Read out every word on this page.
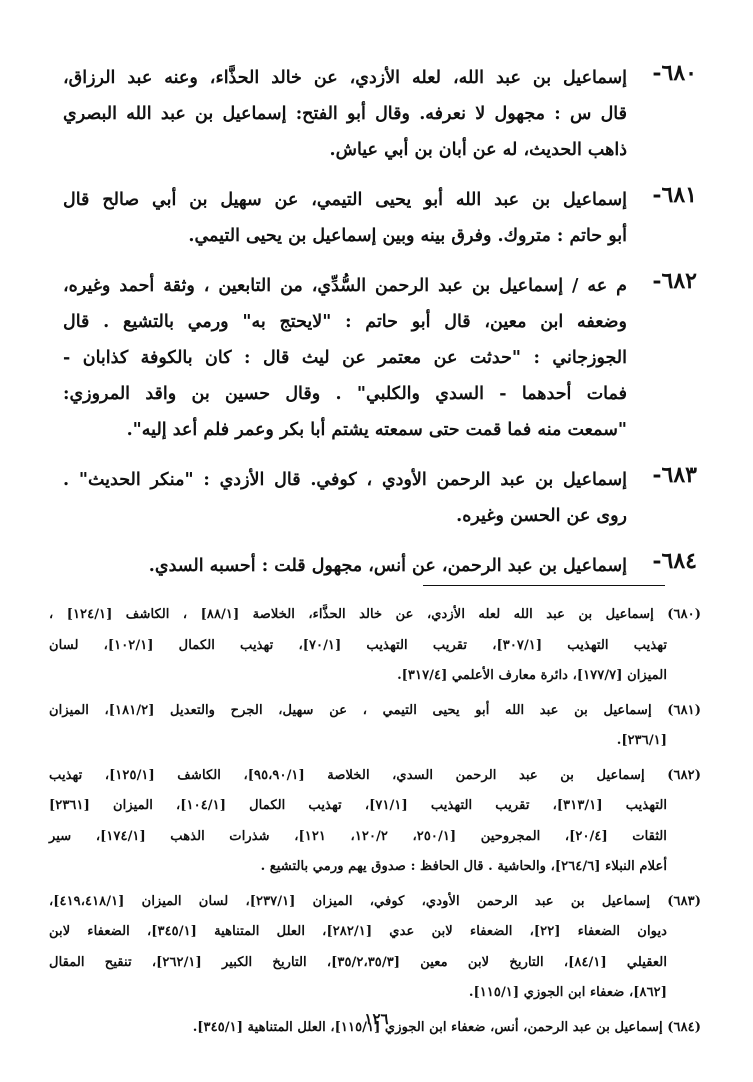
٦٨٠-
إسماعيل بن عبد الله، لعله الأزدي، عن خالد الحذَّاء، وعنه عبد الرزاق،
قال س : مجهول لا نعرفه. وقال أبو الفتح: إسماعيل بن عبد الله البصري
ذاهب الحديث، له عن أبان بن أبي عياش.
٦٨١-
إسماعيل بن عبد الله أبو يحيى التيمي، عن سهيل بن أبي صالح قال
أبو حاتم : متروك. وفرق بينه وبين إسماعيل بن يحيى التيمي.
٦٨٢-
م عه / إسماعيل بن عبد الرحمن السُّدِّي، من التابعين ، وثقة أحمد وغيره،
وضعفه ابن معين، قال أبو حاتم : "لايحتج به" ورمي بالتشيع . قال
الجوزجاني : "حدثت عن معتمر عن ليث قال : كان بالكوفة كذابان -
فمات أحدهما - السدي والكلبي" . وقال حسين بن واقد المروزي:
"سمعت منه فما قمت حتى سمعته يشتم أبا بكر وعمر فلم أعد إليه".
٦٨٣-
إسماعيل بن عبد الرحمن الأودي ، كوفي. قال الأزدي : "منكر الحديث" .
روى عن الحسن وغيره.
٦٨٤-
إسماعيل بن عبد الرحمن، عن أنس، مجهول قلت : أحسبه السدي.
(٦٨٠) إسماعيل بن عبد الله لعله الأزدي، عن خالد الحذَّاء، الخلاصة [٨٨/١] ، الكاشف [١٢٤/١] ،
تهذيب التهذيب [٣٠٧/١]، تقريب التهذيب [٧٠/١]، تهذيب الكمال [١٠٢/١]، لسان
الميزان [١٧٧/٧]، دائرة معارف الأعلمي [٣١٧/٤].
(٦٨١) إسماعيل بن عبد الله أبو يحيى التيمي ، عن سهيل، الجرح والتعديل [١٨١/٢]، الميزان
[٢٣٦/١].
(٦٨٢) إسماعيل بن عبد الرحمن السدي، الخلاصة [٩٥،٩٠/١]، الكاشف [١٢٥/١]، تهذيب
التهذيب [٣١٣/١]، تقريب التهذيب [٧١/١]، تهذيب الكمال [١٠٤/١]، الميزان [٢٣٦١]
الثقات [٢٠/٤]، المجروحين [٢٥٠/١، ١٢٠/٢، ١٢١]، شذرات الذهب [١٧٤/١]، سير
أعلام النبلاء [٢٦٤/٦]، والحاشية . قال الحافظ : صدوق يهم ورمي بالتشيع .
(٦٨٣) إسماعيل بن عبد الرحمن الأودي، كوفي، الميزان [٢٣٧/١]، لسان الميزان [٤١٩،٤١٨/١]،
ديوان الضعفاء [٢٢]، الضعفاء لابن عدي [٢٨٢/١]، العلل المتناهية [٣٤٥/١]، الضعفاء لابن
العقيلي [٨٤/١]، التاريخ لابن معين [٣٥/٢،٣٥/٣]، التاريخ الكبير [٢٦٢/١]، تنقيح المقال
[٨٦٢]، ضعفاء ابن الجوزي [١١٥/١].
(٦٨٤) إسماعيل بن عبد الرحمن، أنس، ضعفاء ابن الجوزي [١١٥/١]، العلل المتناهية [٣٤٥/١].
١٢٦
